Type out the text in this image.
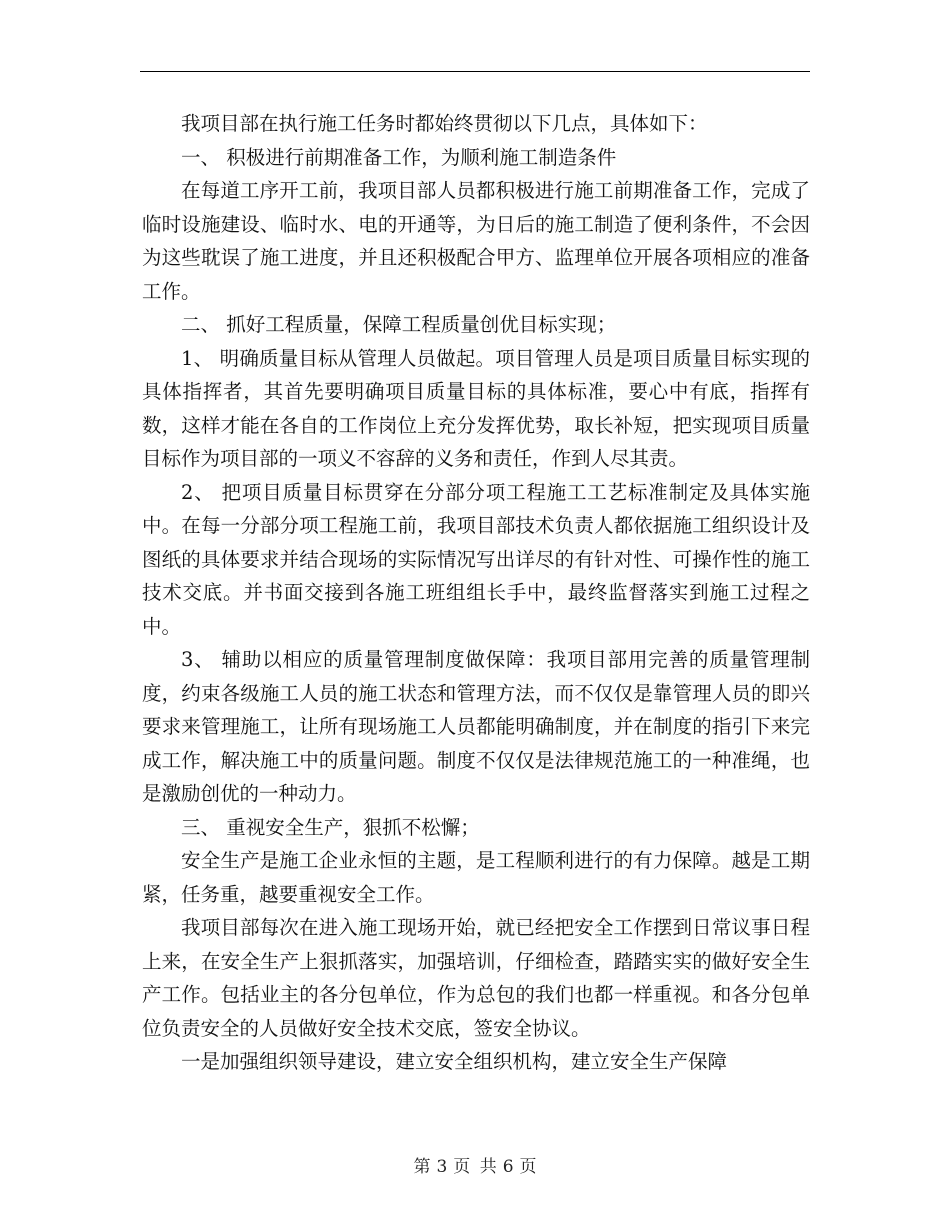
我项目部在执行施工任务时都始终贯彻以下几点，具体如下：

一、 积极进行前期准备工作，为顺利施工制造条件

在每道工序开工前，我项目部人员都积极进行施工前期准备工作，完成了临时设施建设、临时水、电的开通等，为日后的施工制造了便利条件，不会因为这些耽误了施工进度，并且还积极配合甲方、监理单位开展各项相应的准备工作。

二、 抓好工程质量，保障工程质量创优目标实现；

1、 明确质量目标从管理人员做起。项目管理人员是项目质量目标实现的具体指挥者，其首先要明确项目质量目标的具体标准，要心中有底，指挥有数，这样才能在各自的工作岗位上充分发挥优势，取长补短，把实现项目质量目标作为项目部的一项义不容辞的义务和责任，作到人尽其责。

2、 把项目质量目标贯穿在分部分项工程施工工艺标准制定及具体实施中。在每一分部分项工程施工前，我项目部技术负责人都依据施工组织设计及图纸的具体要求并结合现场的实际情况写出详尽的有针对性、可操作性的施工技术交底。并书面交接到各施工班组组长手中，最终监督落实到施工过程之中。

3、 辅助以相应的质量管理制度做保障：我项目部用完善的质量管理制度，约束各级施工人员的施工状态和管理方法，而不仅仅是靠管理人员的即兴要求来管理施工，让所有现场施工人员都能明确制度，并在制度的指引下来完成工作，解决施工中的质量问题。制度不仅仅是法律规范施工的一种准绳，也是激励创优的一种动力。

三、 重视安全生产，狠抓不松懈；

安全生产是施工企业永恒的主题，是工程顺利进行的有力保障。越是工期紧，任务重，越要重视安全工作。

我项目部每次在进入施工现场开始，就已经把安全工作摆到日常议事日程上来，在安全生产上狠抓落实，加强培训，仔细检查，踏踏实实的做好安全生产工作。包括业主的各分包单位，作为总包的我们也都一样重视。和各分包单位负责安全的人员做好安全技术交底，签安全协议。

一是加强组织领导建设，建立安全组织机构，建立安全生产保障

第 3 页 共 6 页
